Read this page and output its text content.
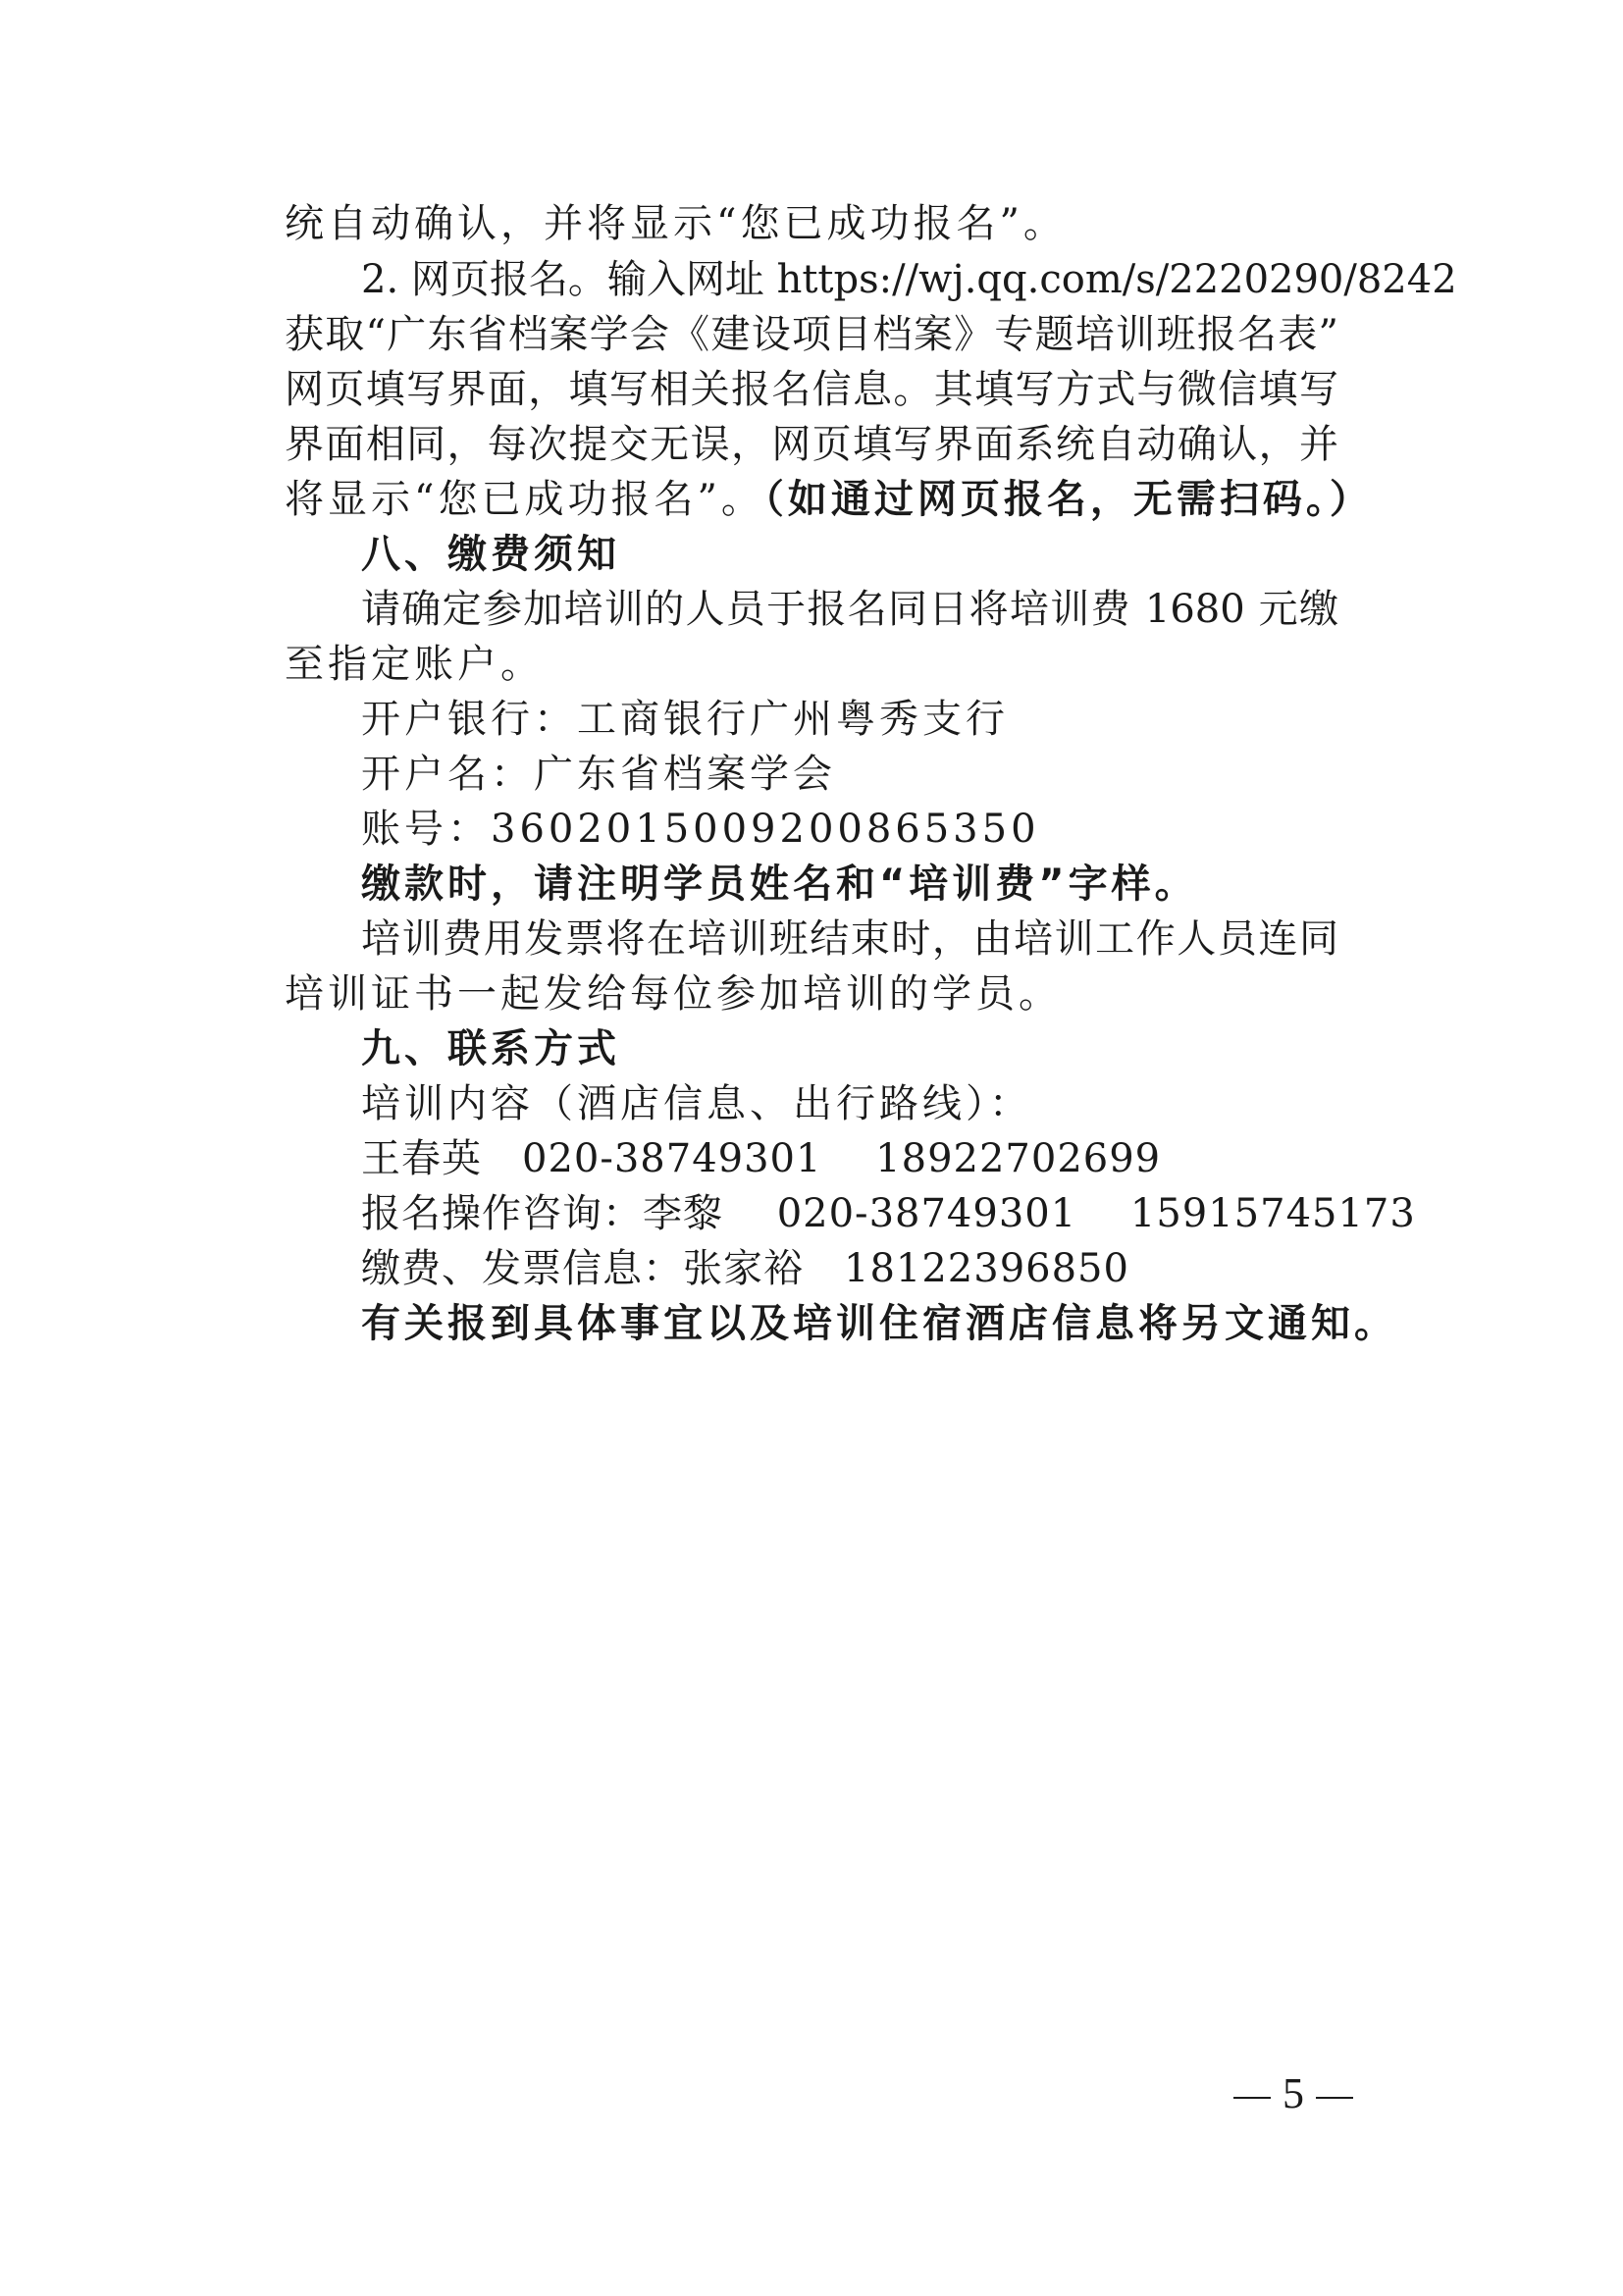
统自动确认，并将显示“您已成功报名”。
2. 网页报名。输入网址 https://wj.qq.com/s/2220290/8242
获取“广东省档案学会《建设项目档案》专题培训班报名表”
网页填写界面，填写相关报名信息。其填写方式与微信填写
界面相同，每次提交无误，网页填写界面系统自动确认，并
将显示“您已成功报名”。（如通过网页报名，无需扫码。）
八、缴费须知
请确定参加培训的人员于报名同日将培训费 1680 元缴
至指定账户。
开户银行：工商银行广州粤秀支行
开户名：广东省档案学会
账号：3602015009200865350
缴款时，请注明学员姓名和“培训费”字样。
培训费用发票将在培训班结束时，由培训工作人员连同
培训证书一起发给每位参加培训的学员。
九、联系方式
培训内容（酒店信息、出行路线）：
王春英　020-38749301　 18922702699
报名操作咨询：李黎　 020-38749301　 15915745173
缴费、发票信息：张家裕　18122396850
有关报到具体事宜以及培训住宿酒店信息将另文通知。
5
